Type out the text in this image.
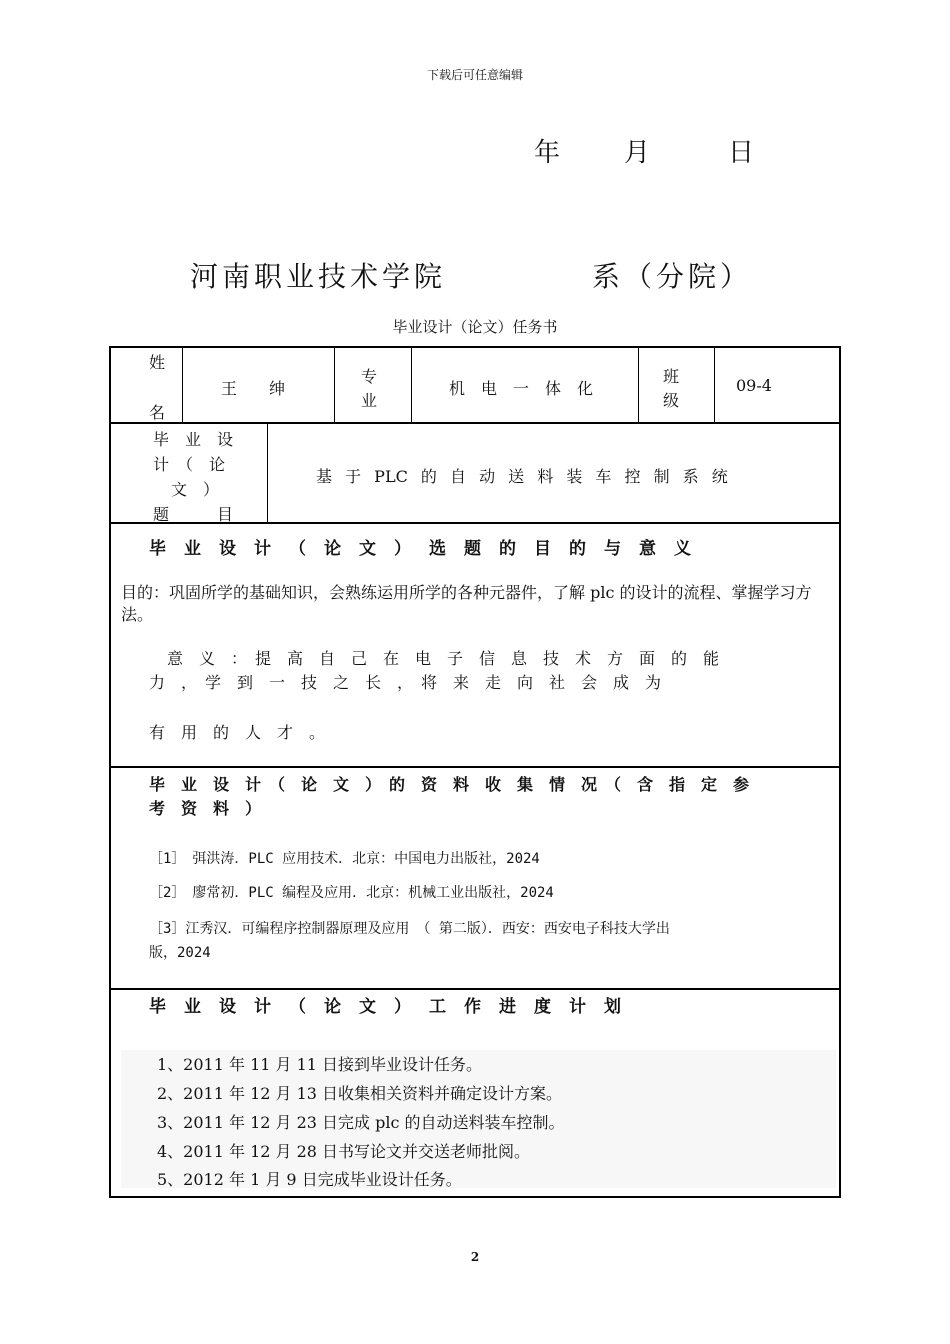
下载后可任意编辑
年 月	日
河南职业技术学院	系（分院）
毕业设计（论文）任务书
姓
名
王　　绅
专
业
机　电　一　体　化
班
级
09-4
毕　业　设
计　（　论
文　）
题　　　目
基 于 PLC 的 自 动 送 料 装 车 控 制 系 统
毕业设计（论文）选题的目的与意义
目的：巩固所学的基础知识，会熟练运用所学的各种元器件，了解 plc 的设计的流程、掌握学习方法。
意　义　：　提　高　自　己　在　电　子　信　息　技　术　方　面　的　能
力　，　学　到　一　技　之　长　，　将　来　走　向　社　会　成　为
有　用　的　人　才　。
毕　业　设　计　（　论　文　）　的　资　料　收　集　情　况　（　含　指　定　参
考　资　料　）
［1］　弭洪涛．PLC 应用技术．北京：中国电力出版社，2024
［2］　廖常初．PLC 编程及应用．北京：机械工业出版社，2024
［3］江秀汉．可编程序控制器原理及应用　（ 第二版）．西安：西安电子科技大学出
版，2024
毕业设计（论文）工作进度计划
1、2011 年 11 月 11 日接到毕业设计任务。
2、2011 年 12 月 13 日收集相关资料并确定设计方案。
3、2011 年 12 月 23 日完成 plc 的自动送料装车控制。
4、2011 年 12 月 28 日书写论文并交送老师批阅。
5、2012 年 1 月 9 日完成毕业设计任务。
2
